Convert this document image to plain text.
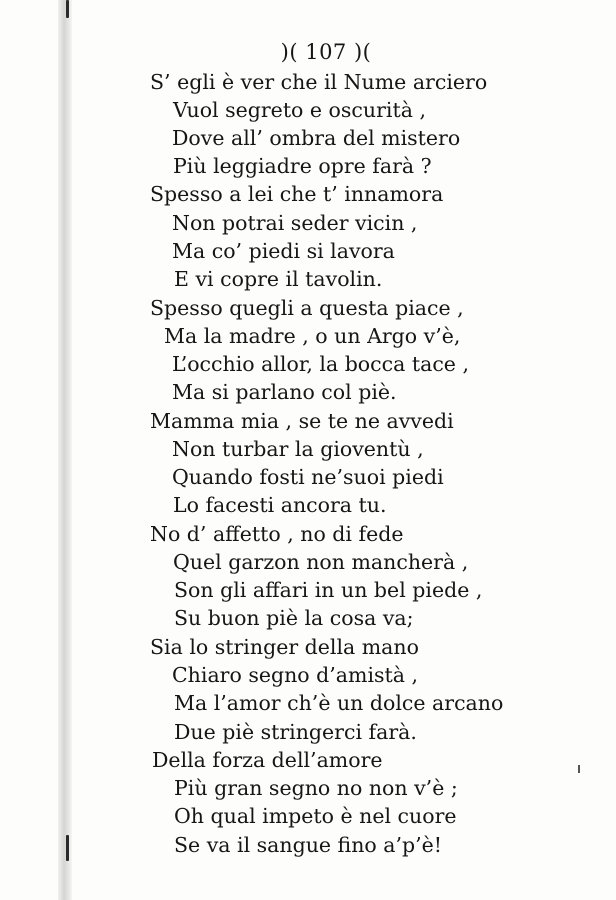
)( 107 )(
S’ egli è ver che il Nume arciero
Vuol segreto e oscurità ,
Dove all’ ombra del mistero
Più leggiadre opre farà ?
Spesso a lei che t’ innamora
Non potrai seder vicin ,
Ma co’ piedi si lavora
E vi copre il tavolin.
Spesso quegli a questa piace ,
Ma la madre , o un Argo v’è,
L’occhio allor, la bocca tace ,
Ma si parlano col piè.
Mamma mia , se te ne avvedi
Non turbar la gioventù ,
Quando fosti ne’suoi piedi
Lo facesti ancora tu.
No d’ affetto , no di fede
Quel garzon non mancherà ,
Son gli affari in un bel piede ,
Su buon piè la cosa va;
Sia lo stringer della mano
Chiaro segno d’amistà ,
Ma l’amor ch’è un dolce arcano
Due piè stringerci farà.
Della forza dell’amore
Più gran segno no non v’è ;
Oh qual impeto è nel cuore
Se va il sangue fino a’p’è!
